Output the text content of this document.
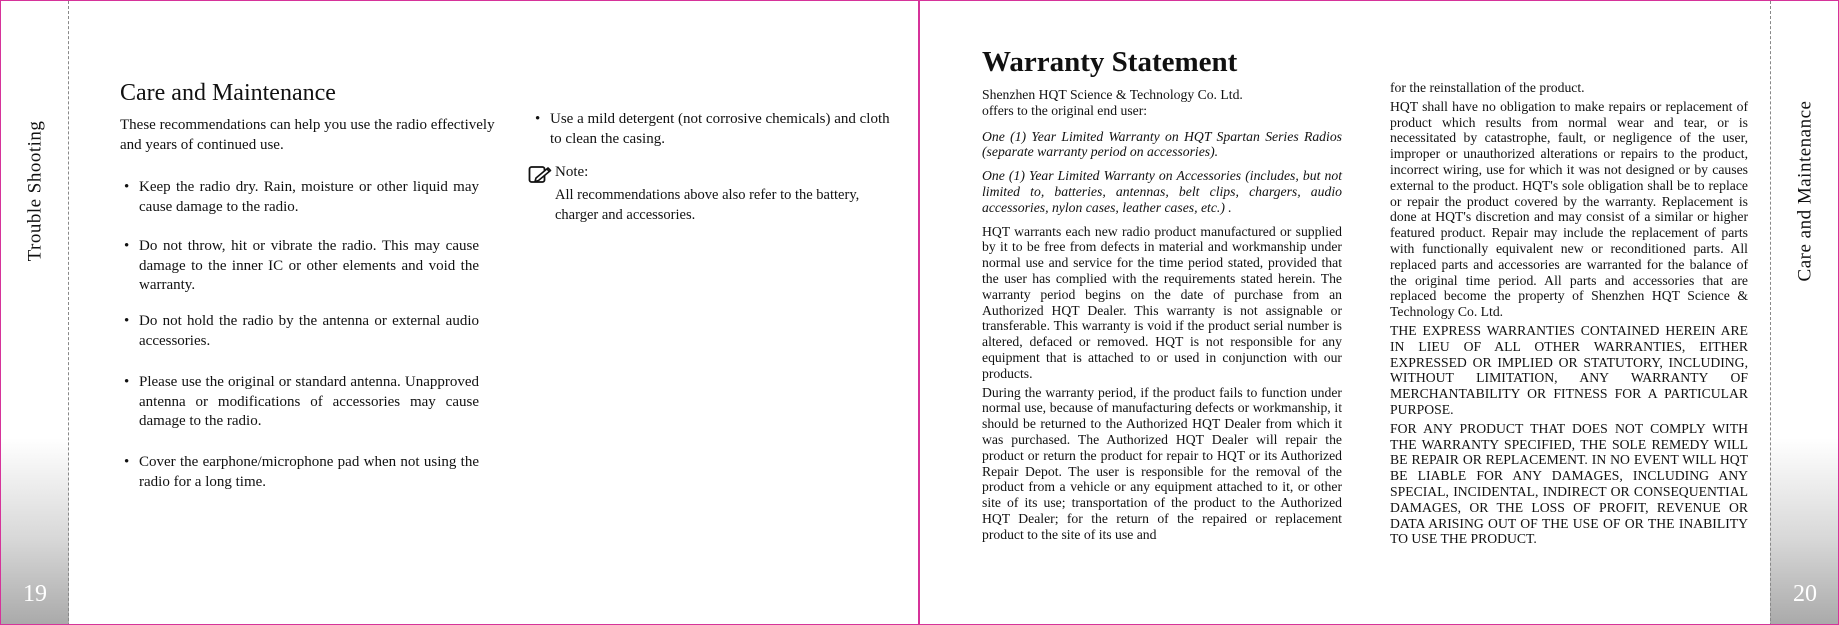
Trouble Shooting
19
Care and Maintenance

These recommendations can help you use the radio effectively and years of continued use.

• Keep the radio dry. Rain, moisture or other liquid may cause damage to the radio.
• Do not throw, hit or vibrate the radio. This may cause damage to the inner IC or other elements and void the warranty.
• Do not hold the radio by the antenna or external audio accessories.
• Please use the original or standard antenna. Unapproved antenna or modifications of accessories may cause damage to the radio.
• Cover the earphone/microphone pad when not using the radio for a long time.
• Use a mild detergent (not corrosive chemicals) and cloth to clean the casing.
Note:

All recommendations above also refer to the battery, charger and accessories.	Care and Maintenance
20
Warranty Statement

Shenzhen HQT Science & Technology Co. Ltd.
offers to the original end user:

One (1) Year Limited Warranty on HQT Spartan Series Radios (separate warranty period on accessories).

One (1) Year Limited Warranty on Accessories (includes, but not limited to, batteries, antennas, belt clips, chargers, audio accessories, nylon cases, leather cases, etc.) .

HQT warrants each new radio product manufactured or supplied by it to be free from defects in material and workmanship under normal use and service for the time period stated, provided that the user has complied with the requirements stated herein. The warranty period begins on the date of purchase from an Authorized HQT Dealer. This warranty is not assignable or transferable. This warranty is void if the product serial number is altered, defaced or removed. HQT is not responsible for any equipment that is attached to or used in conjunction with our products.

During the warranty period, if the product fails to function under normal use, because of manufacturing defects or workmanship, it should be returned to the Authorized HQT Dealer from which it was purchased. The Authorized HQT Dealer will repair the product or return the product for repair to HQT or its Authorized Repair Depot. The user is responsible for the removal of the product from a vehicle or any equipment attached to it, or other site of its use; transportation of the product to the Authorized HQT Dealer; for the return of the repaired or replacement product to the site of its use and

for the reinstallation of the product.

HQT shall have no obligation to make repairs or replacement of product which results from normal wear and tear, or is necessitated by catastrophe, fault, or negligence of the user, improper or unauthorized alterations or repairs to the product, incorrect wiring, use for which it was not designed or by causes external to the product. HQT's sole obligation shall be to replace or repair the product covered by the warranty. Replacement is done at HQT's discretion and may consist of a similar or higher featured product. Repair may include the replacement of parts with functionally equivalent new or reconditioned parts. All replaced parts and accessories are warranted for the balance of the original time period. All parts and accessories that are replaced become the property of Shenzhen HQT Science & Technology Co. Ltd.

THE EXPRESS WARRANTIES CONTAINED HEREIN ARE IN LIEU OF ALL OTHER WARRANTIES, EITHER EXPRESSED OR IMPLIED OR STATUTORY, INCLUDING, WITHOUT LIMITATION, ANY WARRANTY OF MERCHANTABILITY OR FITNESS FOR A PARTICULAR PURPOSE.

FOR ANY PRODUCT THAT DOES NOT COMPLY WITH THE WARRANTY SPECIFIED, THE SOLE REMEDY WILL BE REPAIR OR REPLACEMENT. IN NO EVENT WILL HQT BE LIABLE FOR ANY DAMAGES, INCLUDING ANY SPECIAL, INCIDENTAL, INDIRECT OR CONSEQUENTIAL DAMAGES, OR THE LOSS OF PROFIT, REVENUE OR DATA ARISING OUT OF THE USE OF OR THE INABILITY TO USE THE PRODUCT.
